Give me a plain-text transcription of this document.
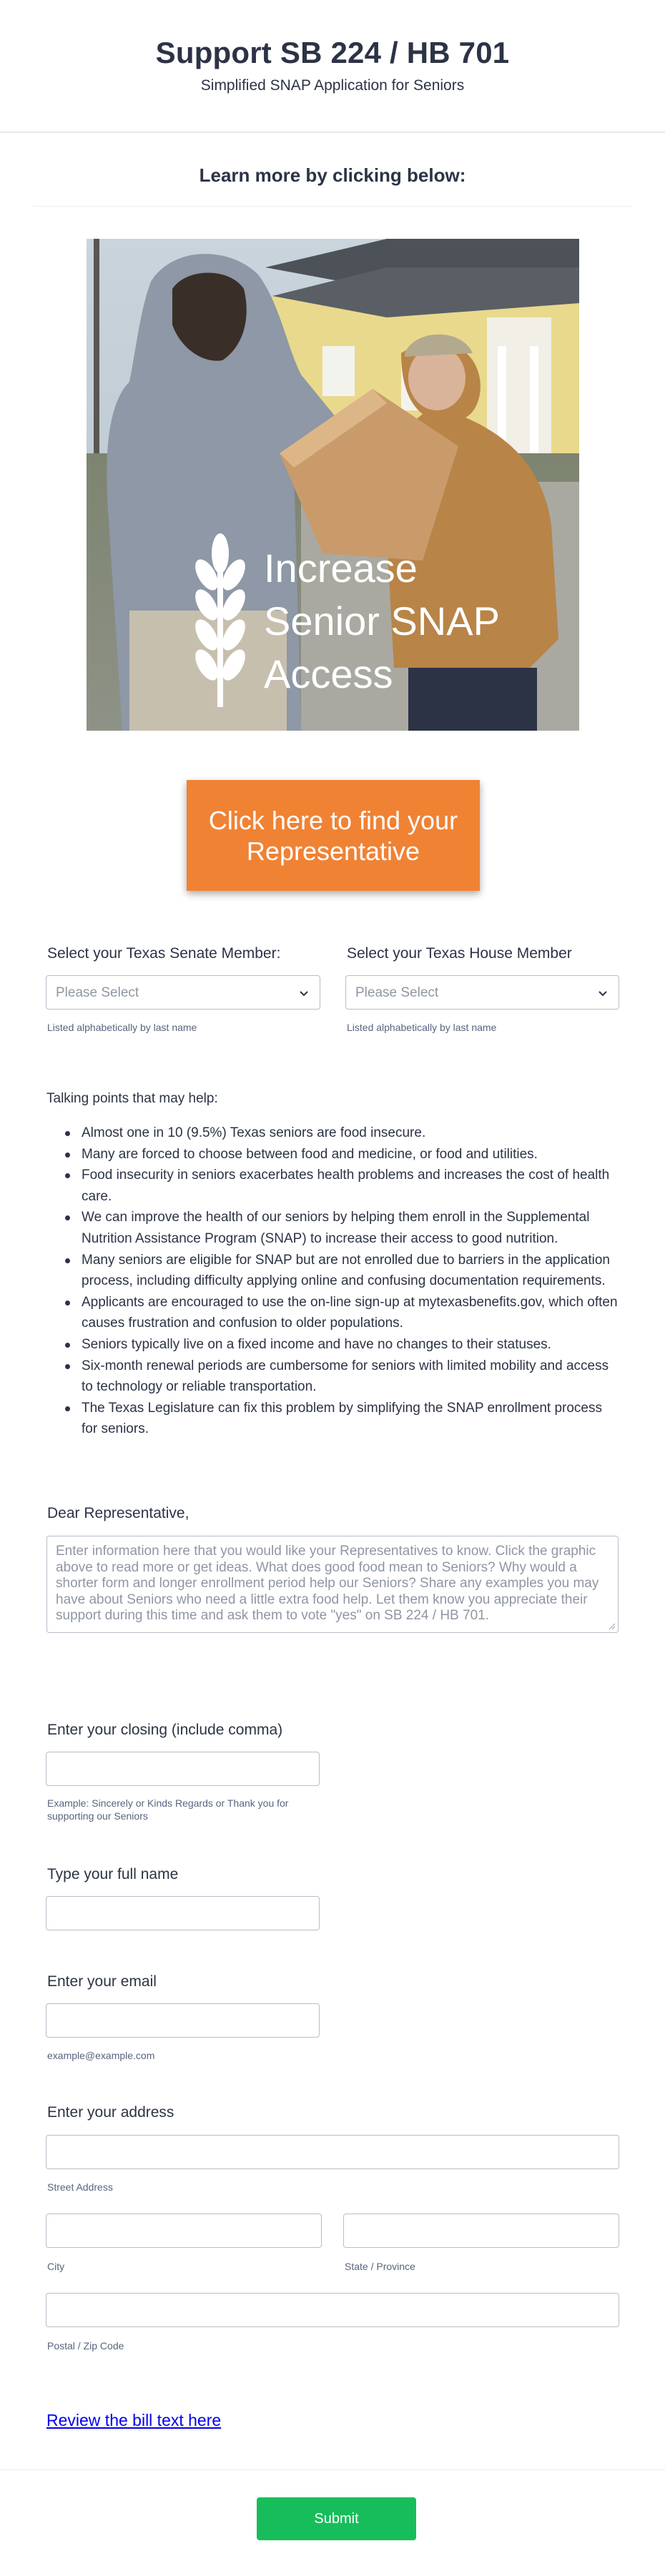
Support SB 224 / HB 701
Simplified SNAP Application for Seniors
Learn more by clicking below:
Increase
Senior SNAP
Access
Click here to find your Representative
Select your Texas Senate Member:
Please Select
Listed alphabetically by last name
Select your Texas House Member
Please Select
Listed alphabetically by last name
Talking points that may help:
Almost one in 10 (9.5%) Texas seniors are food insecure.
Many are forced to choose between food and medicine, or food and utilities.
Food insecurity in seniors exacerbates health problems and increases the cost of health care.
We can improve the health of our seniors by helping them enroll in the Supplemental Nutrition Assistance Program (SNAP) to increase their access to good nutrition.
Many seniors are eligible for SNAP but are not enrolled due to barriers in the application process, including difficulty applying online and confusing documentation requirements.
Applicants are encouraged to use the on-line sign-up at mytexasbenefits.gov, which often causes frustration and confusion to older populations.
Seniors typically live on a fixed income and have no changes to their statuses.
Six-month renewal periods are cumbersome for seniors with limited mobility and access to technology or reliable transportation.
The Texas Legislature can fix this problem by simplifying the SNAP enrollment process for seniors.
Dear Representative,
Enter information here that you would like your Representatives to know. Click the graphic above to read more or get ideas. What does good food mean to Seniors? Why would a shorter form and longer enrollment period help our Seniors? Share any examples you may have about Seniors who need a little extra food help. Let them know you appreciate their support during this time and ask them to vote "yes" on SB 224 / HB 701.
Enter your closing (include comma)
Example: Sincerely or Kinds Regards or Thank you for supporting our Seniors
Type your full name
Enter your email
example@example.com
Enter your address
Street Address
City	State / Province
Postal / Zip Code
Review the bill text here
Submit
